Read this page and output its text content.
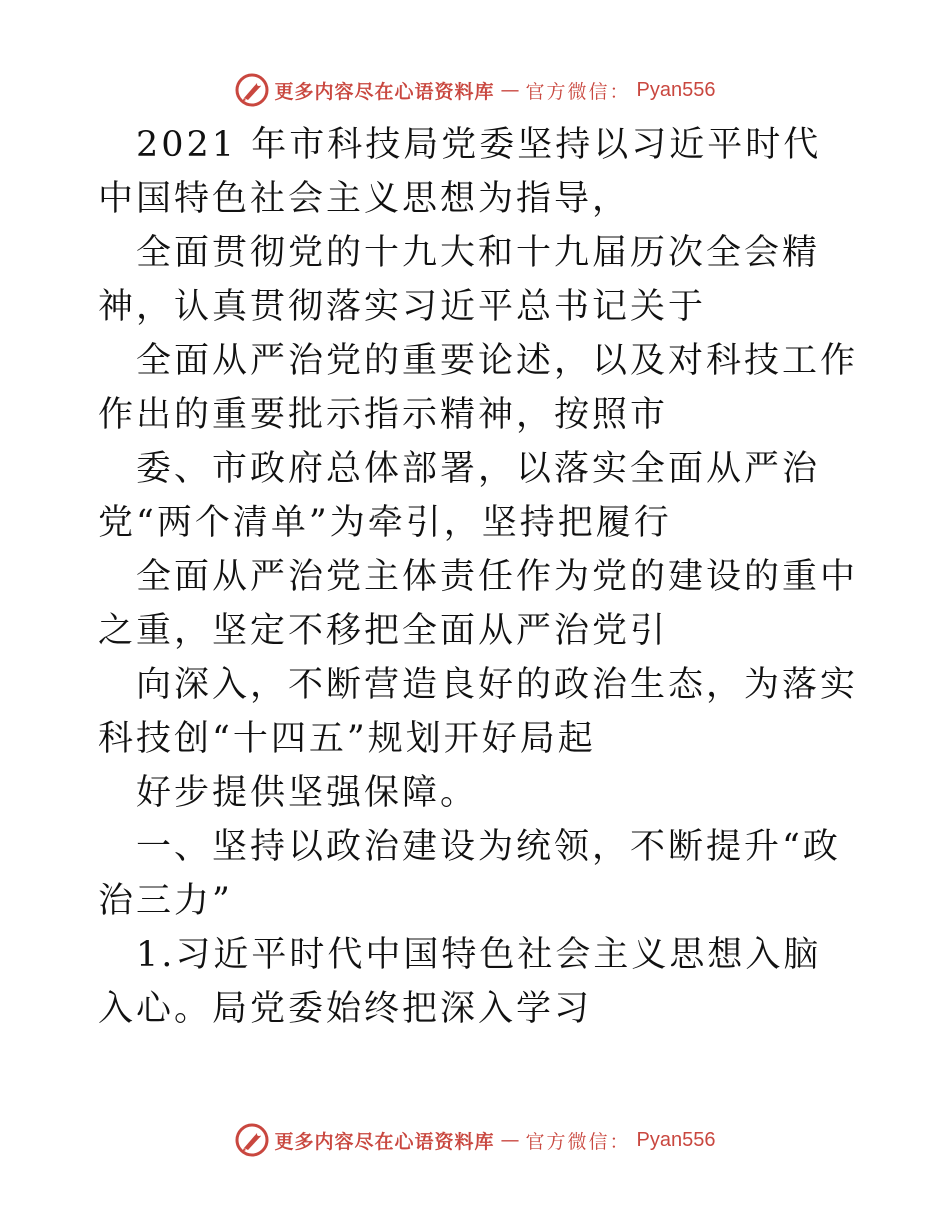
更多内容尽在心语资料库 — 官方微信： Pyan556

2021 年市科技局党委坚持以习近平时代中国特色社会主义思想为指导，

全面贯彻党的十九大和十九届历次全会精神，认真贯彻落实习近平总书记关于

全面从严治党的重要论述，以及对科技工作作出的重要批示指示精神，按照市

委、市政府总体部署，以落实全面从严治党“两个清单”为牵引，坚持把履行

全面从严治党主体责任作为党的建设的重中之重，坚定不移把全面从严治党引

向深入，不断营造良好的政治生态，为落实科技创“十四五”规划开好局起

好步提供坚强保障。

一、坚持以政治建设为统领，不断提升“政治三力”

1.习近平时代中国特色社会主义思想入脑入心。局党委始终把深入学习

更多内容尽在心语资料库 — 官方微信： Pyan556
